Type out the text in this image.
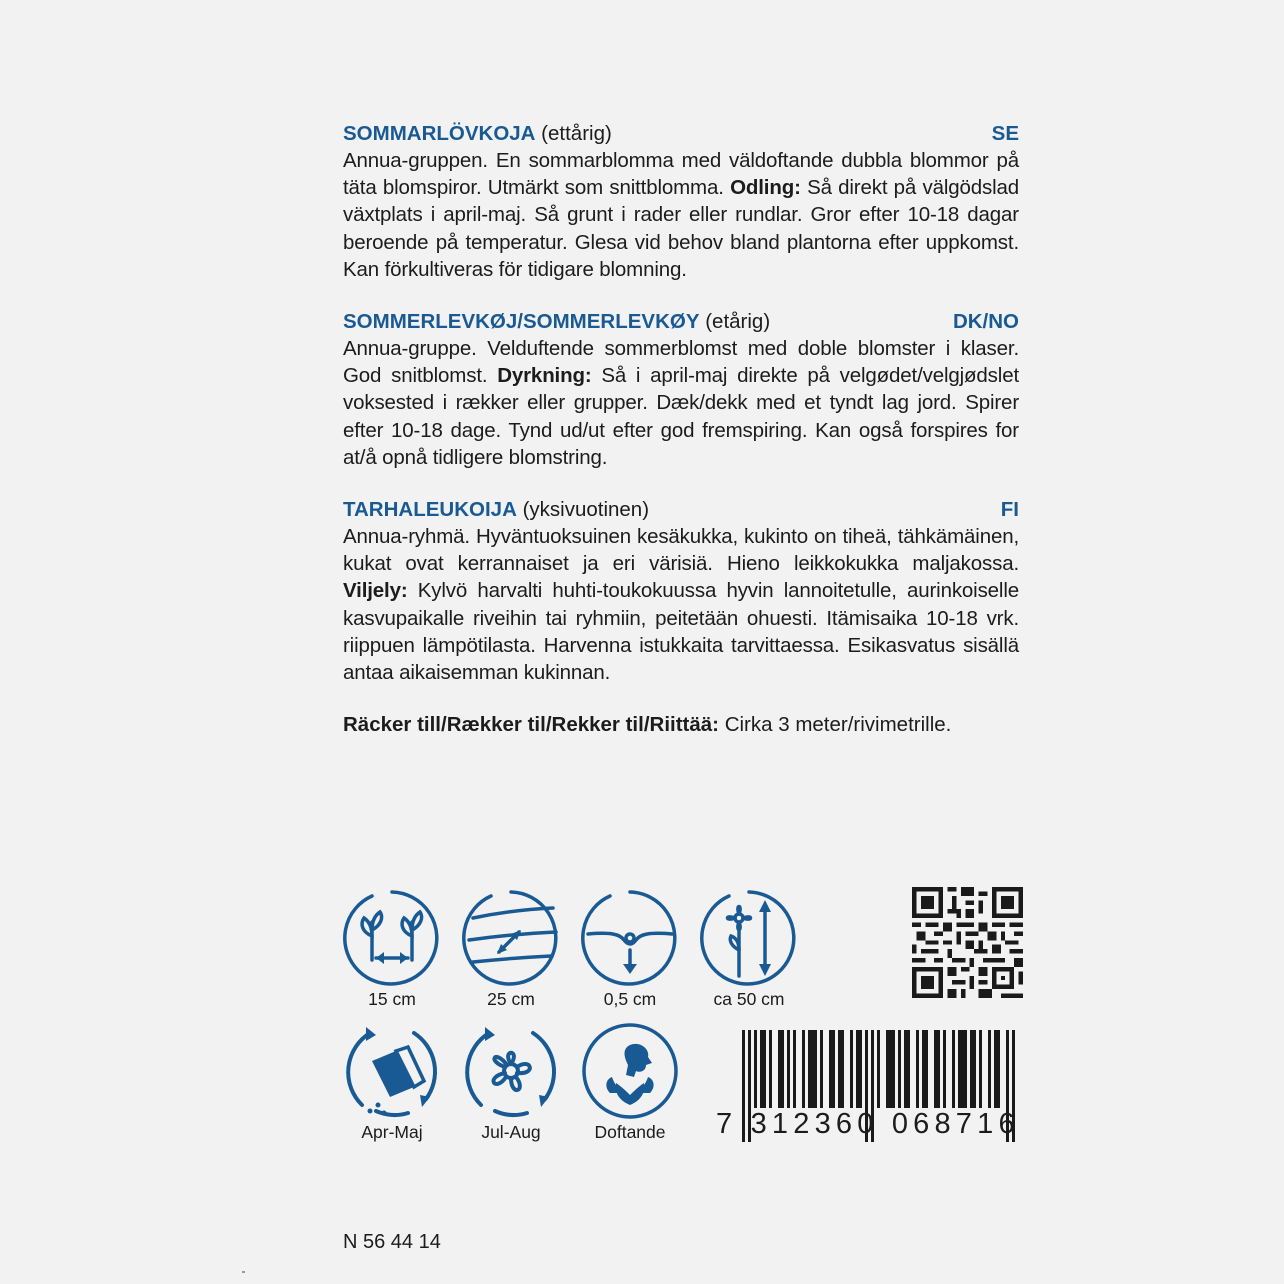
SOMMARLÖVKOJA (ettårig)	SE
Annua-gruppen. En sommarblomma med väldoftande dubbla blommor på täta blomspiror. Utmärkt som snittblomma. Odling: Så direkt på välgödslad växtplats i april-maj. Så grunt i rader eller rundlar. Gror efter 10-18 dagar beroende på temperatur. Glesa vid behov bland plantorna efter uppkomst. Kan förkultiveras för tidigare blomning.
SOMMERLEVKØJ/SOMMERLEVKØY (etårig)	DK/NO
Annua-gruppe. Velduftende sommerblomst med doble blomster i klaser. God snitblomst. Dyrkning: Så i april-maj direkte på velgødet/velgjødslet voksested i rækker eller grupper. Dæk/dekk med et tyndt lag jord. Spirer efter 10-18 dage. Tynd ud/ut efter god fremspiring. Kan også forspires for at/å opnå tidligere blomstring.
TARHALEUKOIJA (yksivuotinen)	FI
Annua-ryhmä. Hyväntuoksuinen kesäkukka, kukinto on tiheä, tähkämäinen, kukat ovat kerrannaiset ja eri värisiä. Hieno leikkokukka maljakossa. Viljely: Kylvö harvalti huhti-toukokuussa hyvin lannoitetulle, aurinkoiselle kasvupaikalle riveihin tai ryhmiin, peitetään ohuesti. Itämisaika 10-18 vrk. riippuen lämpötilasta. Harvenna istukkaita tarvittaessa. Esikasvatus sisällä antaa aikaisemman kukinnan.
Räcker till/Rækker til/Rekker til/Riittää: Cirka 3 meter/rivimetrille.
15 cm	25 cm	0,5 cm	ca 50 cm
Apr-Maj	Jul-Aug	Doftande	7 312360 068716
N 56 44 14
